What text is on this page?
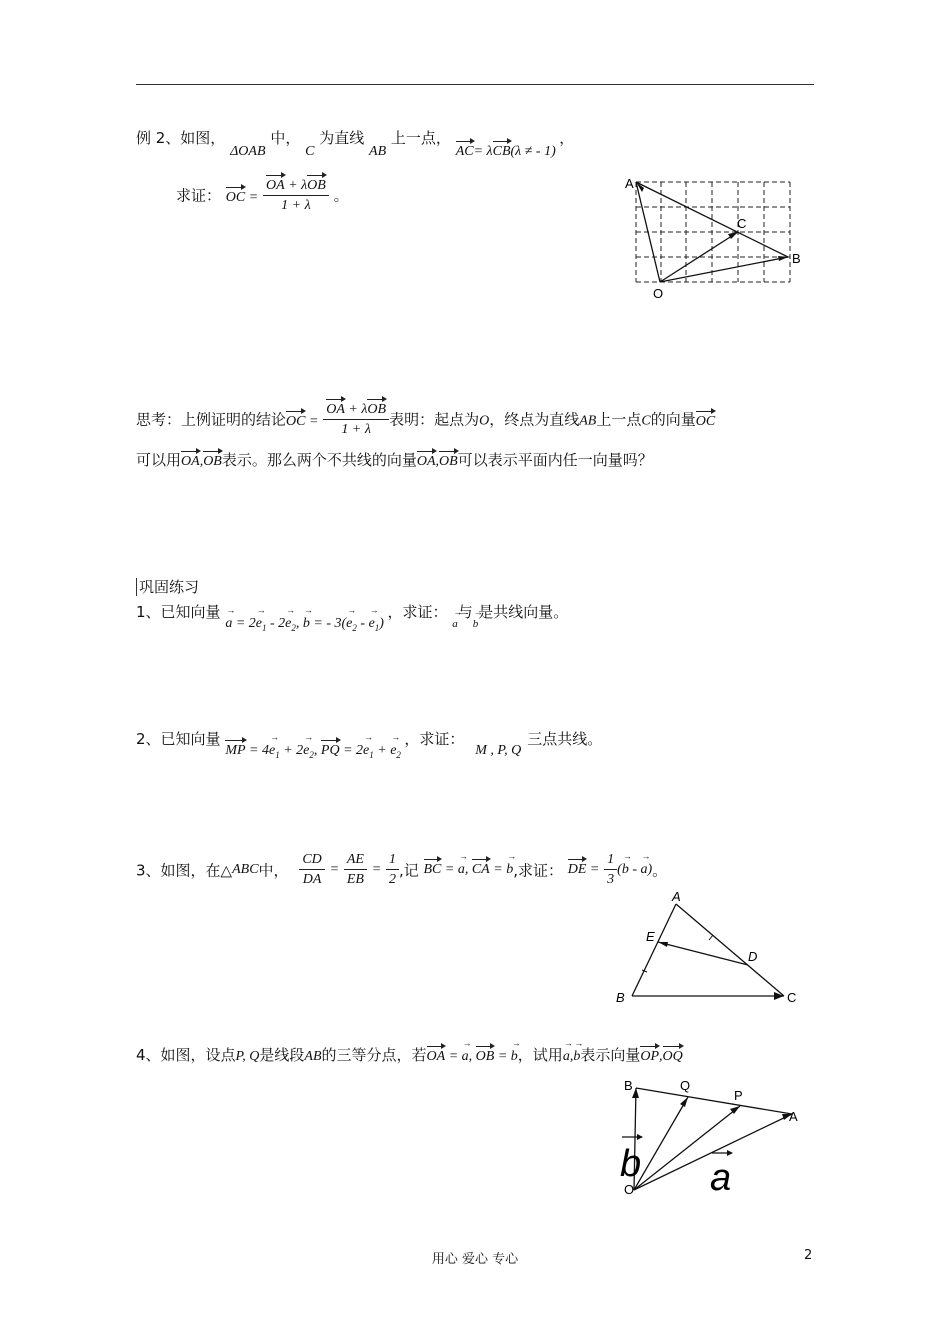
例 2、如图， ΔOAB 中， C 为直线 AB 上一点， AC= λCB(λ ≠ - 1) ，
求证： OC = $\frac{\text{OA + λOB}}{1 + \lambda}$ 。
A
B
C
O
思考：上例证明的结论OC = $\frac{\text{OA + λOB}}{1 + \lambda}$ 表明：起点为O，终点为直线AB上一点C的向量OC
可以用OA,OB表示。那么两个不共线的向量OA,OB可以表示平面内任一向量吗？
巩固练习
1、已知向量 a → = $2e \to_1 - 2e \to_2$, b → = - $3(e \to_2 - e \to_1)$ ，求证： a →与b →是共线向量。
2、已知向量 MP = $4e \to_1 + 2e \to_2$, PQ = $2e \to_1 + e \to_2$ ，求证： M , P, Q三点共线。
3、如图，在△ABC中， $\frac{CD}{DA} = \frac{AE}{EB} = \frac{1}{2}$ ,记 BC = a →, CA = b →,求证： DE = $\frac{1}{3} (b$ → - a →)。
A
B	C
D
E
4、如图，设点P, Q是线段AB的三等分点，若OA = a →, OB = b →，试用a →,b →表示向量OP,OQ
B	Q
P
A
O
b a
用心 爱心 专心	2
